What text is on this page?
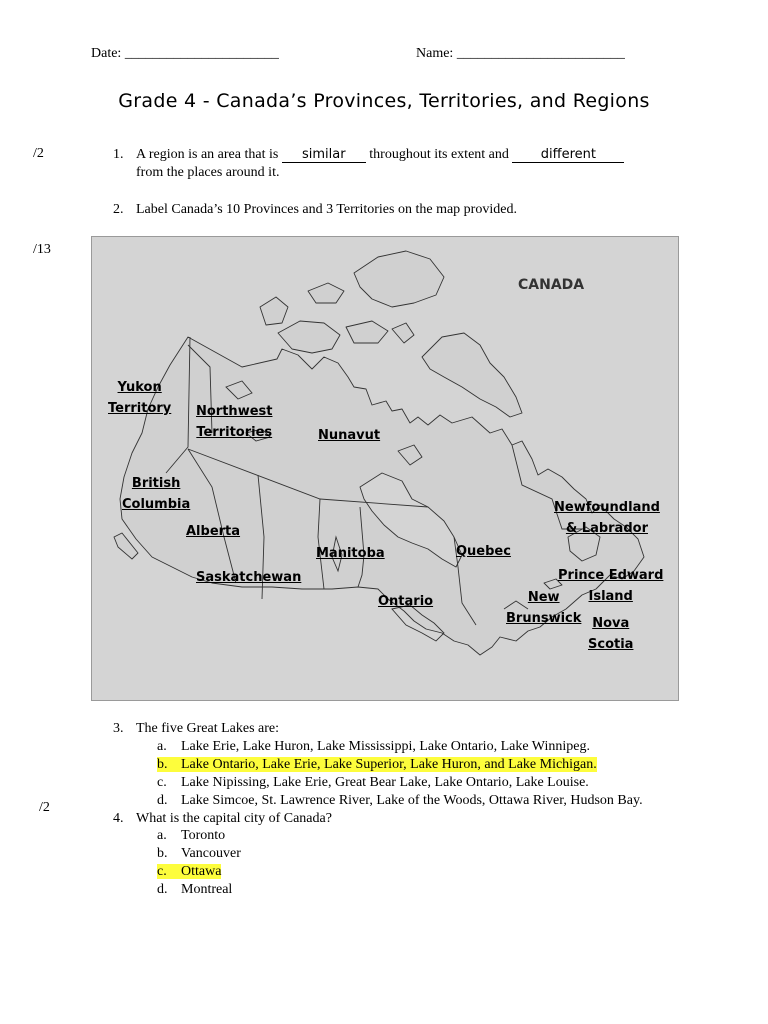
Date: ______________________	Name: ________________________
Grade 4 - Canada’s Provinces, Territories, and Regions
/2
/13
/2
1. A region is an area that is similar throughout its extent and different
from the places around it.
2. Label Canada’s 10 Provinces and 3 Territories on the map provided.
CANADA
Yukon
Territory Northwest
Territories	Nunavut
British
Columbia
Alberta
Saskatchewan
Manitoba
Ontario
Quebec
Newfoundland
& Labrador
Prince Edward
Island
New
Brunswick Nova
Scotia
3. The five Great Lakes are:
a. Lake Erie, Lake Huron, Lake Mississippi, Lake Ontario, Lake Winnipeg.
b. Lake Ontario, Lake Erie, Lake Superior, Lake Huron, and Lake Michigan.
c. Lake Nipissing, Lake Erie, Great Bear Lake, Lake Ontario, Lake Louise.
d. Lake Simcoe, St. Lawrence River, Lake of the Woods, Ottawa River, Hudson Bay.
4. What is the capital city of Canada?
a. Toronto
b. Vancouver
c. Ottawa
d. Montreal
